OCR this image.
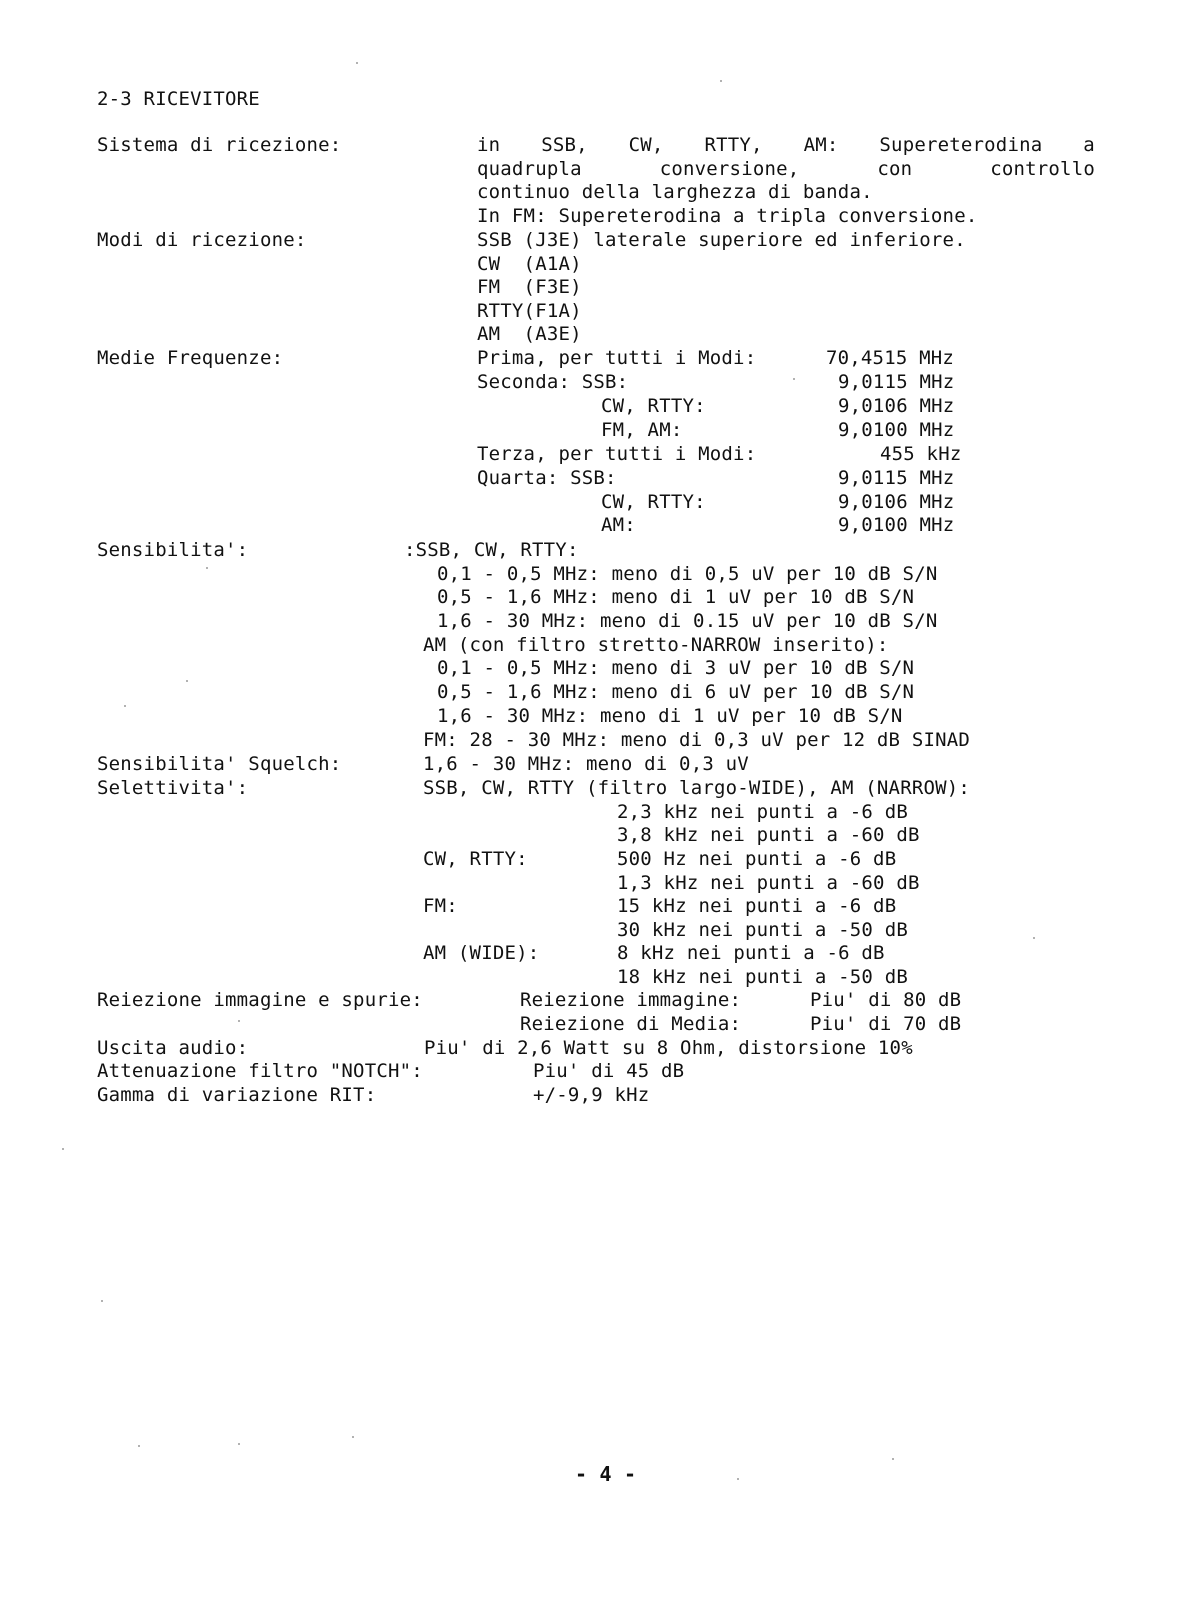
2-3 RICEVITORE
Sistema di ricezione:	in SSB, CW, RTTY, AM: Supereterodina a
quadrupla	conversione,	con	controllo
continuo della larghezza di banda.
In FM: Supereterodina a tripla conversione.
Modi di ricezione:	SSB (J3E) laterale superiore ed inferiore.
CW  (A1A)
FM  (F3E)
RTTY(F1A)
AM  (A3E)
Medie Frequenze:	Prima, per tutti i Modi:	70,4515 MHz
Seconda: SSB:	9,0115 MHz
CW, RTTY:	9,0106 MHz
FM, AM:	9,0100 MHz
Terza, per tutti i Modi:	455 kHz
Quarta: SSB:	9,0115 MHz
CW, RTTY:	9,0106 MHz
AM:	9,0100 MHz
Sensibilita':	:SSB, CW, RTTY:
0,1 - 0,5 MHz: meno di 0,5 uV per 10 dB S/N
0,5 - 1,6 MHz: meno di 1 uV per 10 dB S/N
1,6 - 30 MHz: meno di 0.15 uV per 10 dB S/N
AM (con filtro stretto-NARROW inserito):
0,1 - 0,5 MHz: meno di 3 uV per 10 dB S/N
0,5 - 1,6 MHz: meno di 6 uV per 10 dB S/N
1,6 - 30 MHz: meno di 1 uV per 10 dB S/N
FM: 28 - 30 MHz: meno di 0,3 uV per 12 dB SINAD
Sensibilita' Squelch:	1,6 - 30 MHz: meno di 0,3 uV
Selettivita':	SSB, CW, RTTY (filtro largo-WIDE), AM (NARROW):
2,3 kHz nei punti a -6 dB
3,8 kHz nei punti a -60 dB
CW, RTTY:	500 Hz nei punti a -6 dB
1,3 kHz nei punti a -60 dB
FM:	15 kHz nei punti a -6 dB
30 kHz nei punti a -50 dB
AM (WIDE):	8 kHz nei punti a -6 dB
18 kHz nei punti a -50 dB
Reiezione immagine e spurie:	Reiezione immagine:	Piu' di 80 dB
Reiezione di Media:	Piu' di 70 dB
Uscita audio:	Piu' di 2,6 Watt su 8 Ohm, distorsione 10%
Attenuazione filtro "NOTCH":	Piu' di 45 dB
Gamma di variazione RIT:	+/-9,9 kHz
- 4 -
